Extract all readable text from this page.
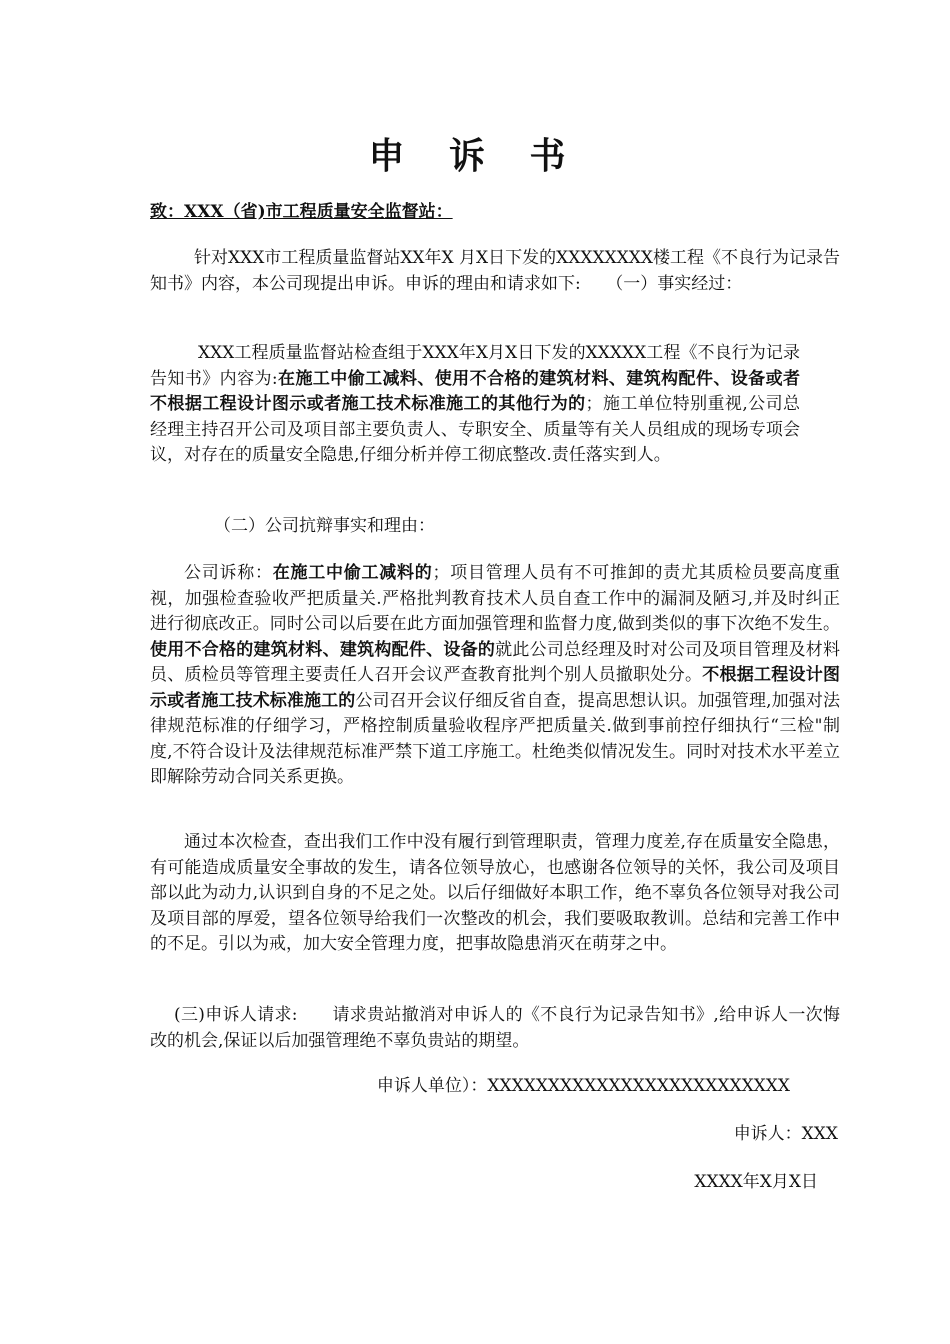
申 诉 书
致：XXX（省)市工程质量安全监督站：

针对XXX市工程质量监督站XX年X 月X日下发的XXXXXXXX楼工程《不良行为记录告知书》内容，本公司现提出申诉。申诉的理由和请求如下:　　（一）事实经过：

XXX工程质量监督站检查组于XXX年X月X日下发的XXXXX工程《不良行为记录告知书》内容为:在施工中偷工减料、使用不合格的建筑材料、建筑构配件、设备或者不根据工程设计图示或者施工技术标准施工的其他行为的；施工单位特别重视,公司总经理主持召开公司及项目部主要负责人、专职安全、质量等有关人员组成的现场专项会议，对存在的质量安全隐患,仔细分析并停工彻底整改.责任落实到人。

（二）公司抗辩事实和理由：

公司诉称：在施工中偷工减料的；项目管理人员有不可推卸的责尤其质检员要高度重视，加强检查验收严把质量关.严格批判教育技术人员自查工作中的漏洞及陋习,并及时纠正进行彻底改正。同时公司以后要在此方面加强管理和监督力度,做到类似的事下次绝不发生。使用不合格的建筑材料、建筑构配件、设备的就此公司总经理及时对公司及项目管理及材料员、质检员等管理主要责任人召开会议严查教育批判个别人员撤职处分。不根据工程设计图示或者施工技术标准施工的公司召开会议仔细反省自查，提高思想认识。加强管理,加强对法律规范标准的仔细学习，严格控制质量验收程序严把质量关.做到事前控仔细执行“三检"制度,不符合设计及法律规范标准严禁下道工序施工。杜绝类似情况发生。同时对技术水平差立即解除劳动合同关系更换。

通过本次检查，查出我们工作中没有履行到管理职责，管理力度差,存在质量安全隐患，有可能造成质量安全事故的发生，请各位领导放心，也感谢各位领导的关怀，我公司及项目部以此为动力,认识到自身的不足之处。以后仔细做好本职工作，绝不辜负各位领导对我公司及项目部的厚爱，望各位领导给我们一次整改的机会，我们要吸取教训。总结和完善工作中的不足。引以为戒，加大安全管理力度，把事故隐患消灭在萌芽之中。

(三)申诉人请求:　　请求贵站撤消对申诉人的《不良行为记录告知书》,给申诉人一次悔改的机会,保证以后加强管理绝不辜负贵站的期望。

申诉人单位）：XXXXXXXXXXXXXXXXXXXXXXXXX

申诉人：XXX

XXXX年X月X日
